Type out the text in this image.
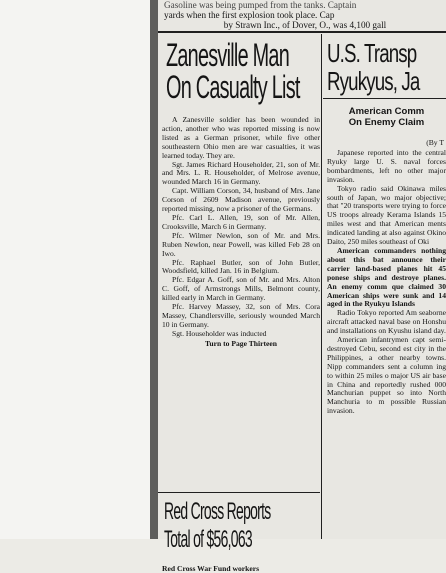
Gasoline was being pumped from the tanks. Captain
yards when the first explosion took place. Cap
by Strawn Inc., of Dover, O., was 4,100 gall
Zanesville Man
On Casualty List

A Zanesville soldier has been wounded in action, another who was reported missing is now listed as a German prisoner, while five other southeastern Ohio men are war casualties, it was learned today. They are.

Sgt. James Richard Householder, 21, son of Mr. and Mrs. L. R. Householder, of Melrose avenue, wounded March 16 in Germany.

Capt. William Corson, 34, husband of Mrs. Jane Corson of 2609 Madison avenue, previously reported missing, now a prisoner of the Germans.

Pfc. Carl L. Allen, 19, son of Mr. Allen, Crooksville, March 6 in Germany.

Pfc. Wilmer Newlon, son of Mr. and Mrs. Ruben Newlon, near Powell, was killed Feb 28 on Iwo.

Pfc. Raphael Butler, son of John Butler, Woodsfield, killed Jan. 16 in Belgium.

Pfc. Edgar A. Goff, son of Mr. and Mrs. Alton C. Goff, of Armstrongs Mills, Belmont county, killed early in March in Germany.

Pfc. Harvey Massey, 32, son of Mrs. Cora Massey, Chandlersville, seriously wounded March 10 in Germany.

Sgt. Householder was inducted

Turn to Page Thirteen

Red Cross Reports
Total of $56,063
Red Cross War Fund workers
U.S. Transp
Ryukyus, Ja
American Comm
On Enemy Claim
(By T

Japanese reported into the central Ryuky large U. S. naval forces bombardments, left no other major invasion.

Tokyo radio said Okinawa miles south of Japan, wo major objective; that "20 transports were trying to force US troops already Kerama Islands 15 miles west and that American ments indicated landing at also against Okino Daito, 250 miles southeast of Oki

American commanders nothing about this bat announce their carrier land-based planes hit 45 ponese ships and destroye planes. An enemy comm que claimed 30 American ships were sunk and 14 aged in the Ryukyu Islands

Radio Tokyo reported Am seaborne aircraft attacked naval base on Honshu and installations on Kyushu island day.

American infantrymen capt semi-destroyed Cebu, second est city in the Philippines, a other nearby towns. Nipp commanders sent a column ing to within 25 miles o major US air base in China and reportedly rushed 000 Manchurian puppet so into North Manchuria to m possible Russian invasion.
